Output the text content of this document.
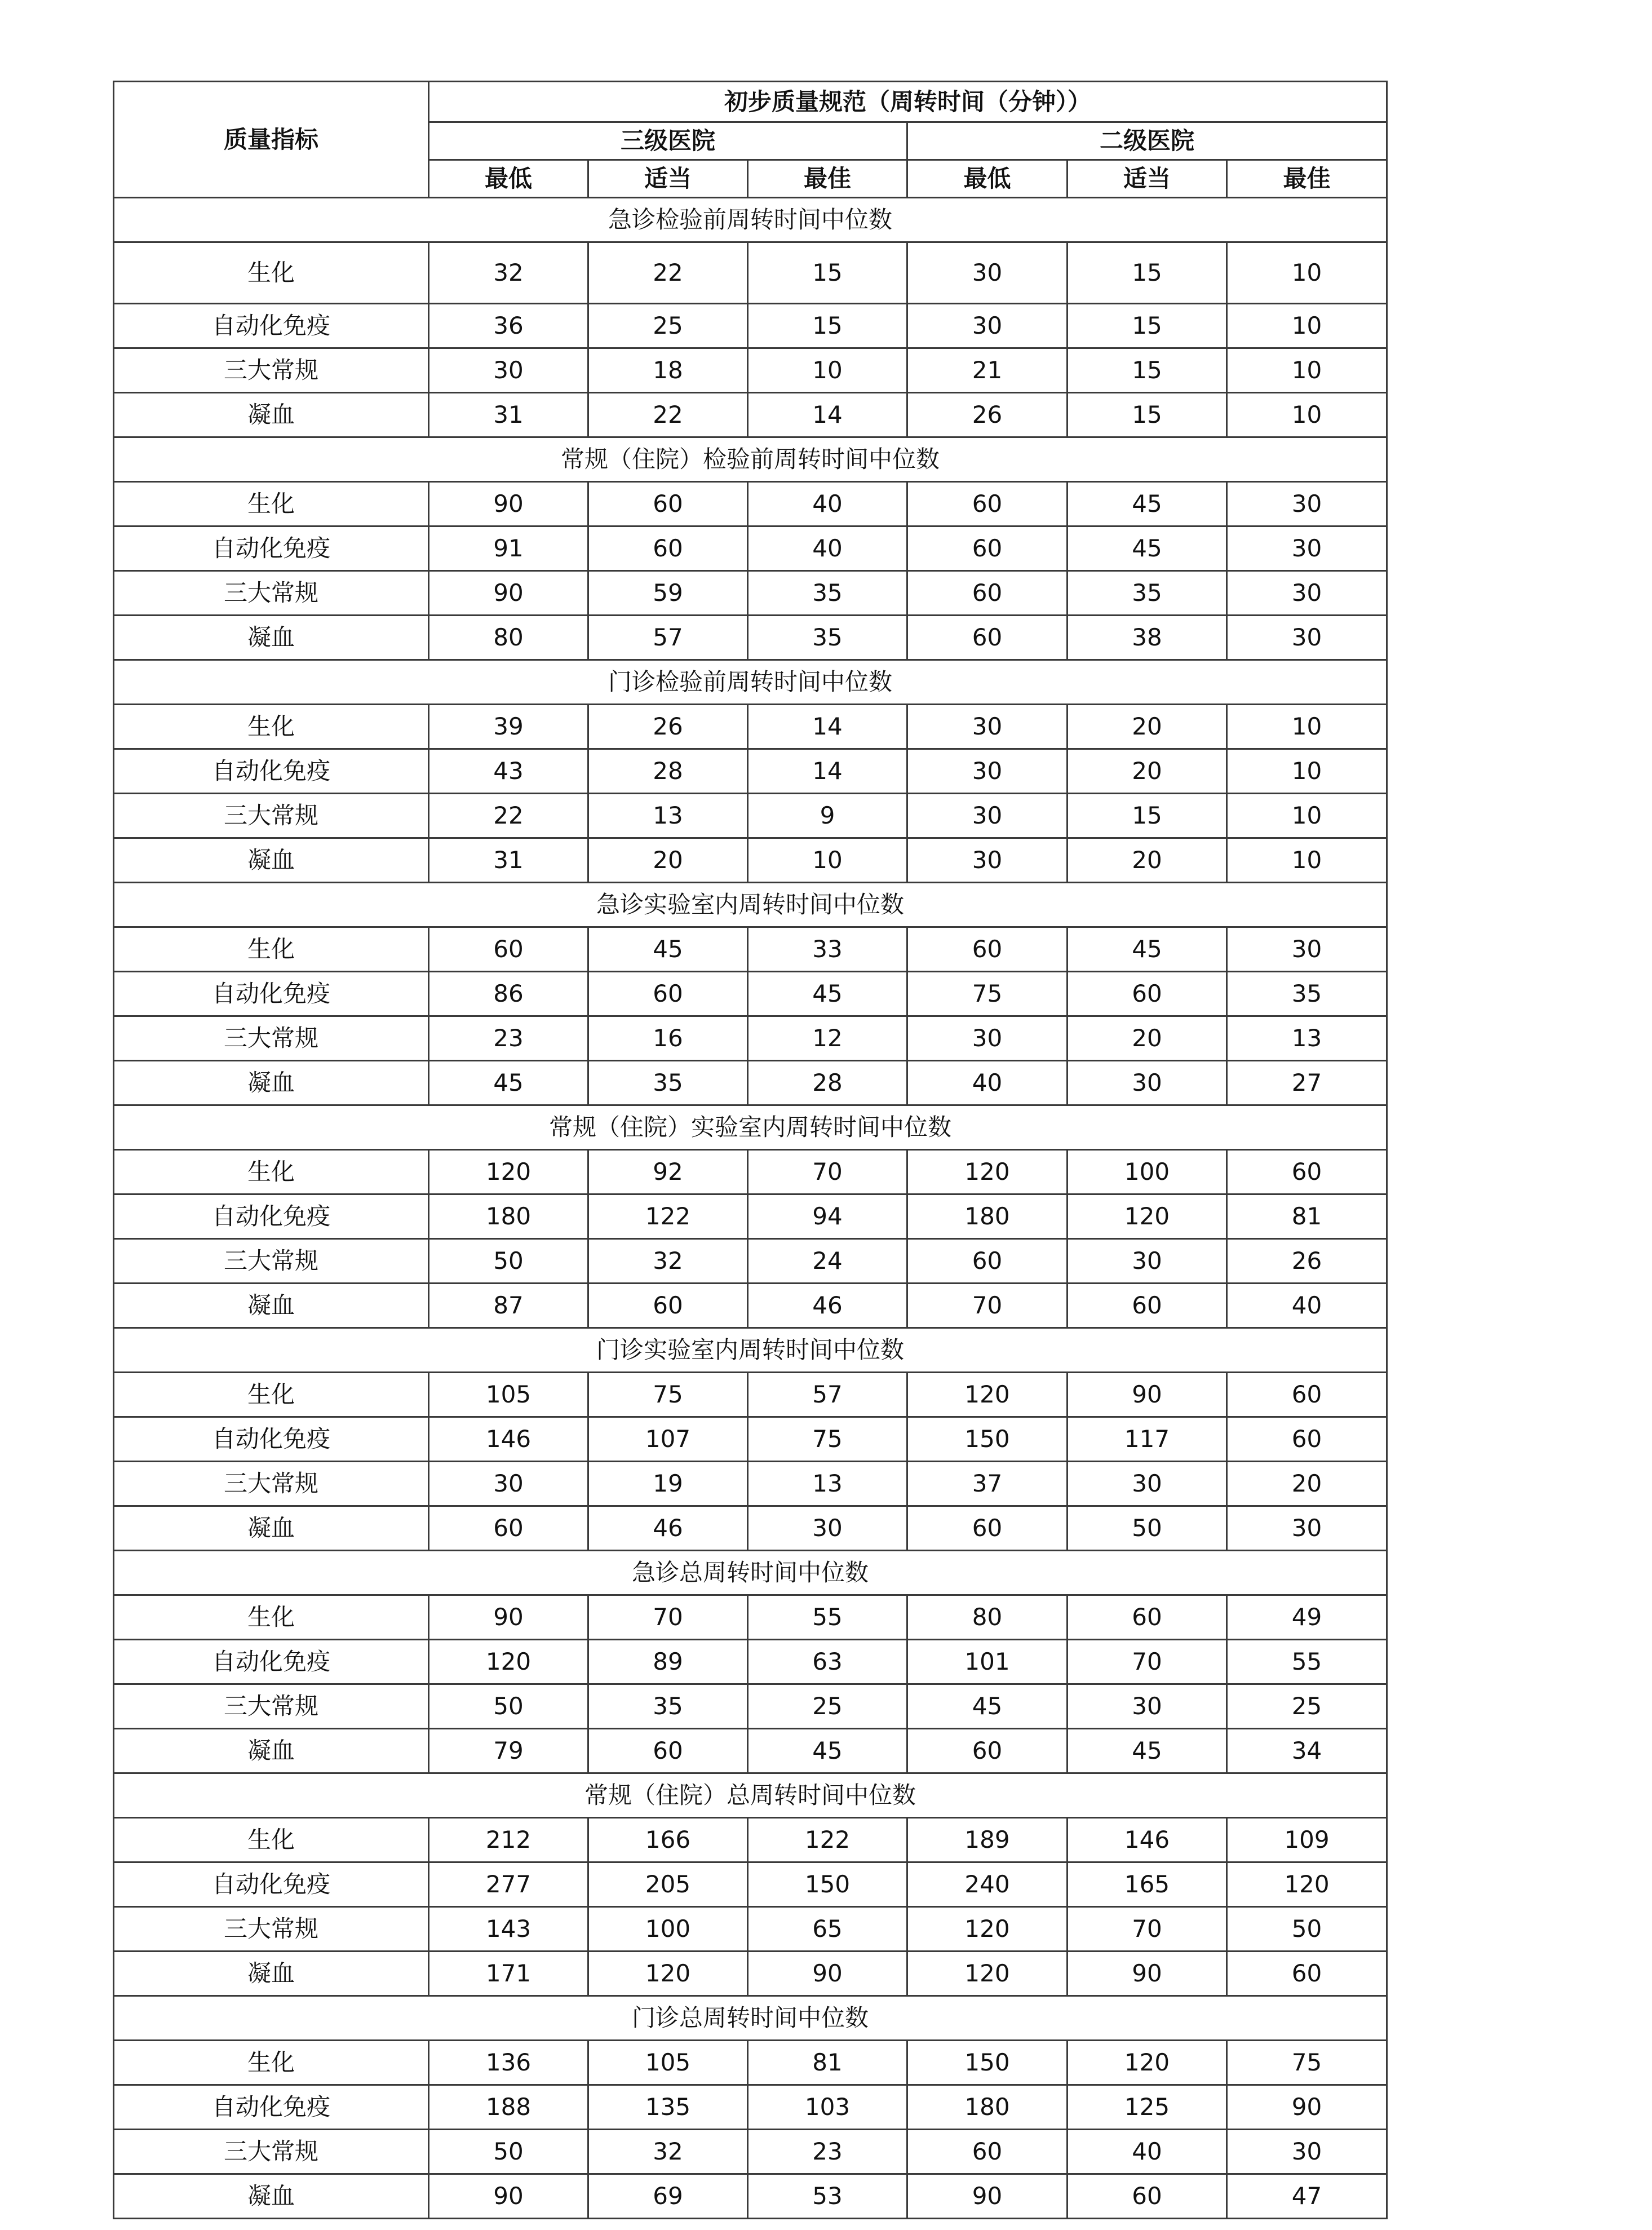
质量指标	初步质量规范（周转时间（分钟））					
	三级医院			二级医院		
	最低	适当	最佳	最低	适当	最佳
急诊检验前周转时间中位数						
生化	32	22	15	30	15	10
自动化免疫	36	25	15	30	15	10
三大常规	30	18	10	21	15	10
凝血	31	22	14	26	15	10
常规（住院）检验前周转时间中位数						
生化	90	60	40	60	45	30
自动化免疫	91	60	40	60	45	30
三大常规	90	59	35	60	35	30
凝血	80	57	35	60	38	30
门诊检验前周转时间中位数						
生化	39	26	14	30	20	10
自动化免疫	43	28	14	30	20	10
三大常规	22	13	9	30	15	10
凝血	31	20	10	30	20	10
急诊实验室内周转时间中位数						
生化	60	45	33	60	45	30
自动化免疫	86	60	45	75	60	35
三大常规	23	16	12	30	20	13
凝血	45	35	28	40	30	27
常规（住院）实验室内周转时间中位数						
生化	120	92	70	120	100	60
自动化免疫	180	122	94	180	120	81
三大常规	50	32	24	60	30	26
凝血	87	60	46	70	60	40
门诊实验室内周转时间中位数						
生化	105	75	57	120	90	60
自动化免疫	146	107	75	150	117	60
三大常规	30	19	13	37	30	20
凝血	60	46	30	60	50	30
急诊总周转时间中位数						
生化	90	70	55	80	60	49
自动化免疫	120	89	63	101	70	55
三大常规	50	35	25	45	30	25
凝血	79	60	45	60	45	34
常规（住院）总周转时间中位数						
生化	212	166	122	189	146	109
自动化免疫	277	205	150	240	165	120
三大常规	143	100	65	120	70	50
凝血	171	120	90	120	90	60
门诊总周转时间中位数						
生化	136	105	81	150	120	75
自动化免疫	188	135	103	180	125	90
三大常规	50	32	23	60	40	30
凝血	90	69	53	90	60	47
